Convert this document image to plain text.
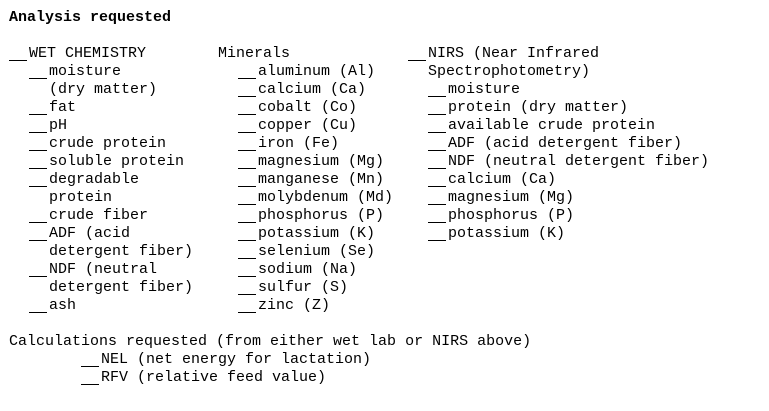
Analysis requested
WET CHEMISTRY
moisture
(dry matter)
fat
pH
crude protein
soluble protein
degradable
protein
crude fiber
ADF (acid
detergent fiber)
NDF (neutral
detergent fiber)
ash
Minerals
aluminum (Al)
calcium (Ca)
cobalt (Co)
copper (Cu)
iron (Fe)
magnesium (Mg)
manganese (Mn)
molybdenum (Md)
phosphorus (P)
potassium (K)
selenium (Se)
sodium (Na)
sulfur (S)
zinc (Z)
NIRS (Near Infrared
Spectrophotometry)
moisture
protein (dry matter)
available crude protein
ADF (acid detergent fiber)
NDF (neutral detergent fiber)
calcium (Ca)
magnesium (Mg)
phosphorus (P)
potassium (K)
Calculations requested (from either wet lab or NIRS above)
NEL (net energy for lactation)
RFV (relative feed value)
